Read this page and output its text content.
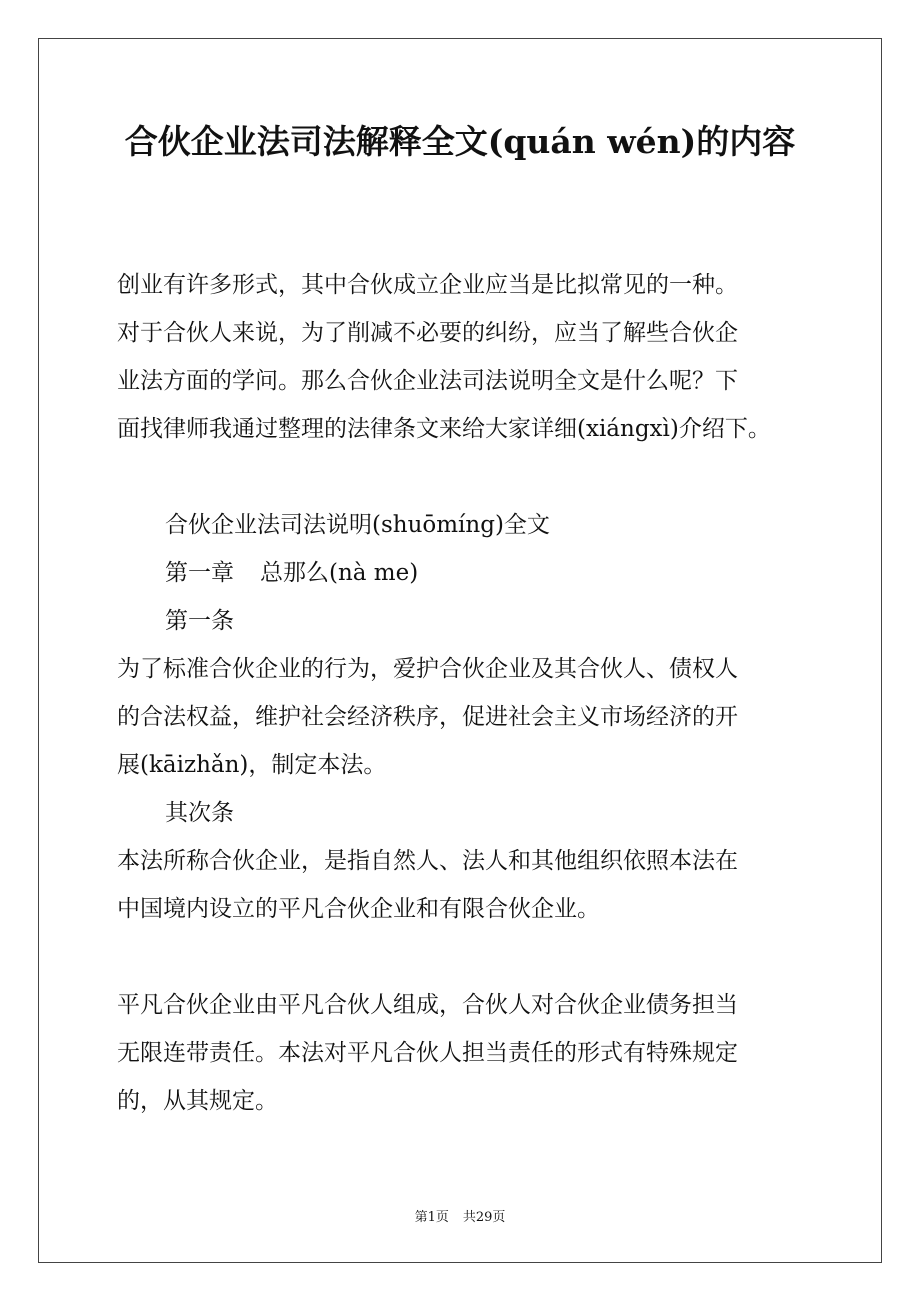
合伙企业法司法解释全文(quán wén)的内容

创业有许多形式，其中合伙成立企业应当是比拟常见的一种。

对于合伙人来说，为了削减不必要的纠纷，应当了解些合伙企

业法方面的学问。那么合伙企业法司法说明全文是什么呢？下

面找律师我通过整理的法律条文来给大家详细(xiángxì)介绍下。

合伙企业法司法说明(shuōmíng)全文

第一章 总那么(nà me)

第一条

为了标准合伙企业的行为，爱护合伙企业及其合伙人、债权人

的合法权益，维护社会经济秩序，促进社会主义市场经济的开

展(kāizhǎn)，制定本法。

其次条

本法所称合伙企业，是指自然人、法人和其他组织依照本法在

中国境内设立的平凡合伙企业和有限合伙企业。

平凡合伙企业由平凡合伙人组成，合伙人对合伙企业债务担当

无限连带责任。本法对平凡合伙人担当责任的形式有特殊规定

的，从其规定。

第1页 共29页
